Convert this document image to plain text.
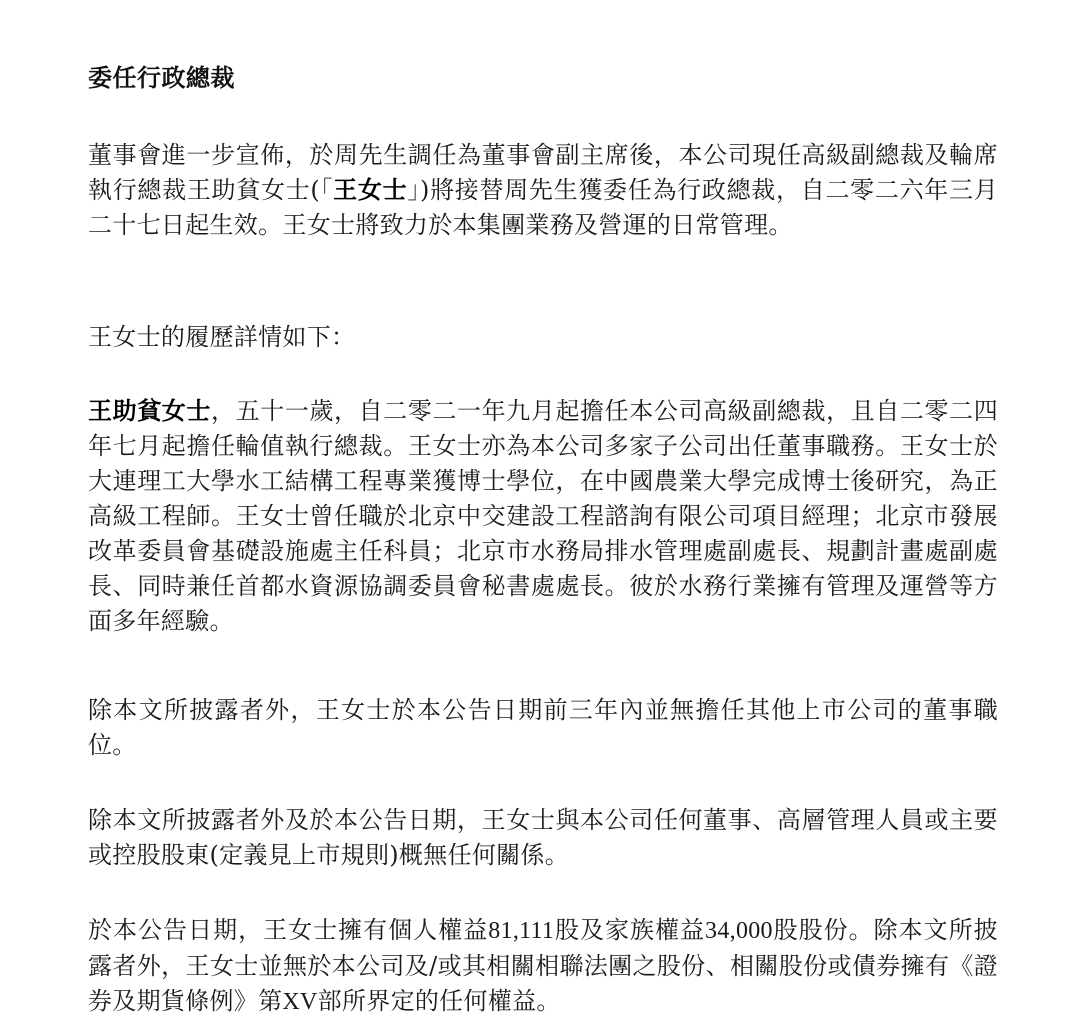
委任行政總裁

董事會進一步宣佈，於周先生調任為董事會副主席後，本公司現任高級副總裁及輪席執行總裁王助貧女士(「王女士」)將接替周先生獲委任為行政總裁，自二零二六年三月二十七日起生效。王女士將致力於本集團業務及營運的日常管理。

王女士的履歷詳情如下：

王助貧女士，五十一歲，自二零二一年九月起擔任本公司高級副總裁，且自二零二四年七月起擔任輪值執行總裁。王女士亦為本公司多家子公司出任董事職務。王女士於大連理工大學水工結構工程專業獲博士學位，在中國農業大學完成博士後研究，為正高級工程師。王女士曾任職於北京中交建設工程諮詢有限公司項目經理；北京市發展改革委員會基礎設施處主任科員；北京市水務局排水管理處副處長、規劃計畫處副處長、同時兼任首都水資源協調委員會秘書處處長。彼於水務行業擁有管理及運營等方面多年經驗。

除本文所披露者外，王女士於本公告日期前三年內並無擔任其他上市公司的董事職位。

除本文所披露者外及於本公告日期，王女士與本公司任何董事、高層管理人員或主要或控股股東(定義見上市規則)概無任何關係。

於本公告日期，王女士擁有個人權益81,111股及家族權益34,000股股份。除本文所披露者外，王女士並無於本公司及/或其相關相聯法團之股份、相關股份或債券擁有《證券及期貨條例》第XV部所界定的任何權益。
